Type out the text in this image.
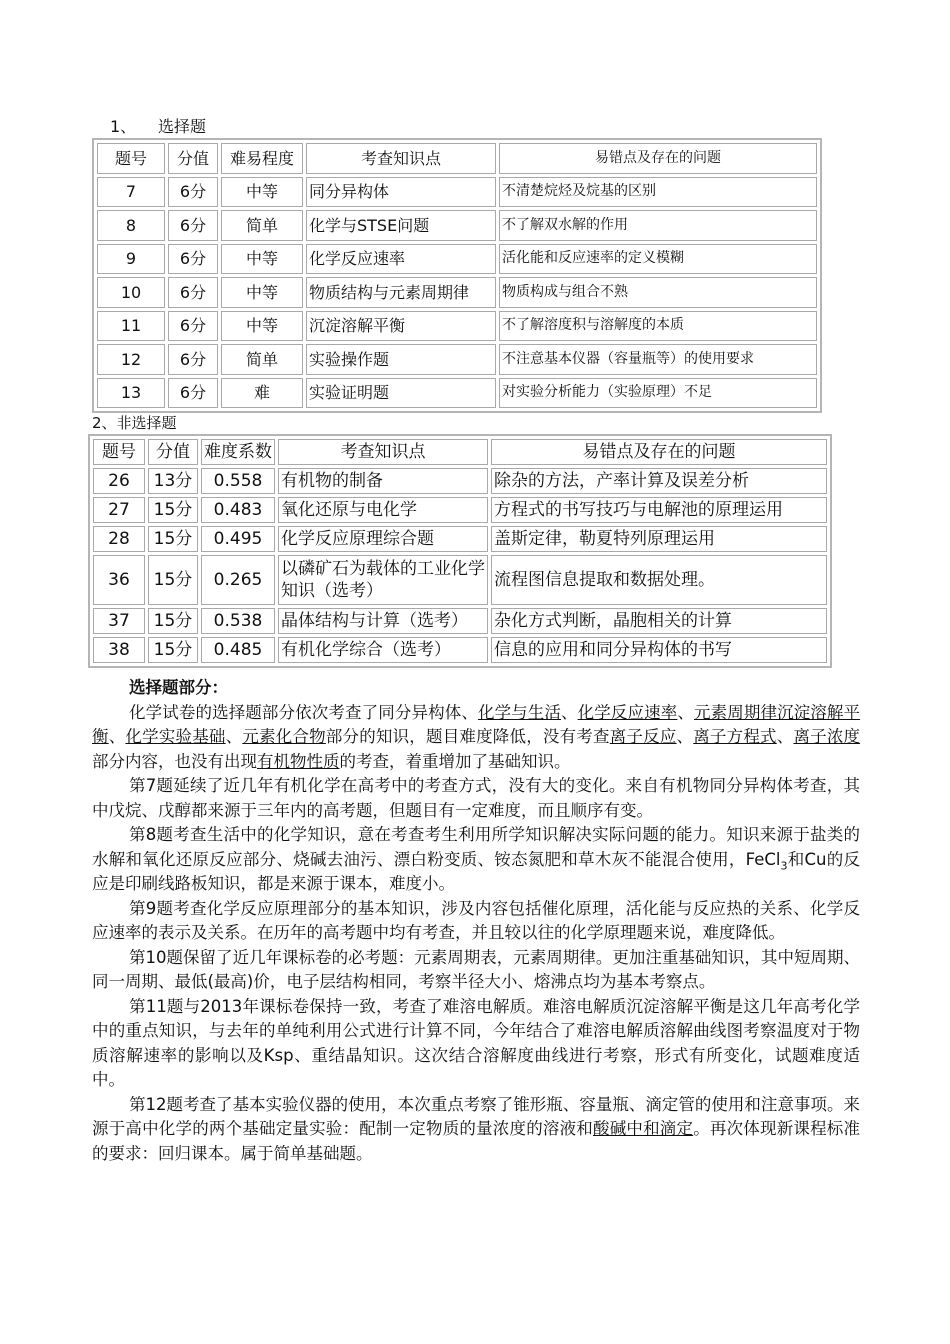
1、 选择题
题号	分值	难易程度	考查知识点	易错点及存在的问题
7	6分	中等	同分异构体	不清楚烷烃及烷基的区别
8	6分	简单	化学与STSE问题	不了解双水解的作用
9	6分	中等	化学反应速率	活化能和反应速率的定义模糊
10	6分	中等	物质结构与元素周期律	物质构成与组合不熟
11	6分	中等	沉淀溶解平衡	不了解溶度积与溶解度的本质
12	6分	简单	实验操作题	不注意基本仪器（容量瓶等）的使用要求
13	6分	难	实验证明题	对实验分析能力（实验原理）不足
2、非选择题
题号	分值	难度系数	考查知识点	易错点及存在的问题
26	13分	0.558	有机物的制备	除杂的方法，产率计算及误差分析
27	15分	0.483	氧化还原与电化学	方程式的书写技巧与电解池的原理运用
28	15分	0.495	化学反应原理综合题	盖斯定律，勒夏特列原理运用
36	15分	0.265	以磷矿石为载体的工业化学知识（选考）	流程图信息提取和数据处理。
37	15分	0.538	晶体结构与计算（选考）	杂化方式判断，晶胞相关的计算
38	15分	0.485	有机化学综合（选考）	信息的应用和同分异构体的书写
选择题部分：

化学试卷的选择题部分依次考查了同分异构体、化学与生活、化学反应速率、元素周期律沉淀溶解平衡、化学实验基础、元素化合物部分的知识，题目难度降低，没有考查离子反应、离子方程式、离子浓度部分内容，也没有出现有机物性质的考查，着重增加了基础知识。

第7题延续了近几年有机化学在高考中的考查方式，没有大的变化。来自有机物同分异构体考查，其中戊烷、戊醇都来源于三年内的高考题，但题目有一定难度，而且顺序有变。

第8题考查生活中的化学知识，意在考查考生利用所学知识解决实际问题的能力。知识来源于盐类的水解和氧化还原反应部分、烧碱去油污、漂白粉变质、铵态氮肥和草木灰不能混合使用，FeCl$_3$和Cu的反应是印刷线路板知识，都是来源于课本，难度小。

第9题考查化学反应原理部分的基本知识，涉及内容包括催化原理，活化能与反应热的关系、化学反应速率的表示及关系。在历年的高考题中均有考查，并且较以往的化学原理题来说，难度降低。

第10题保留了近几年课标卷的必考题：元素周期表，元素周期律。更加注重基础知识，其中短周期、同一周期、最低(最高)价，电子层结构相同，考察半径大小、熔沸点均为基本考察点。

第11题与2013年课标卷保持一致，考查了难溶电解质。难溶电解质沉淀溶解平衡是这几年高考化学中的重点知识，与去年的单纯利用公式进行计算不同，今年结合了难溶电解质溶解曲线图考察温度对于物质溶解速率的影响以及Ksp、重结晶知识。这次结合溶解度曲线进行考察，形式有所变化，试题难度适中。

第12题考查了基本实验仪器的使用，本次重点考察了锥形瓶、容量瓶、滴定管的使用和注意事项。来源于高中化学的两个基础定量实验：配制一定物质的量浓度的溶液和酸碱中和滴定。再次体现新课程标准的要求：回归课本。属于简单基础题。
